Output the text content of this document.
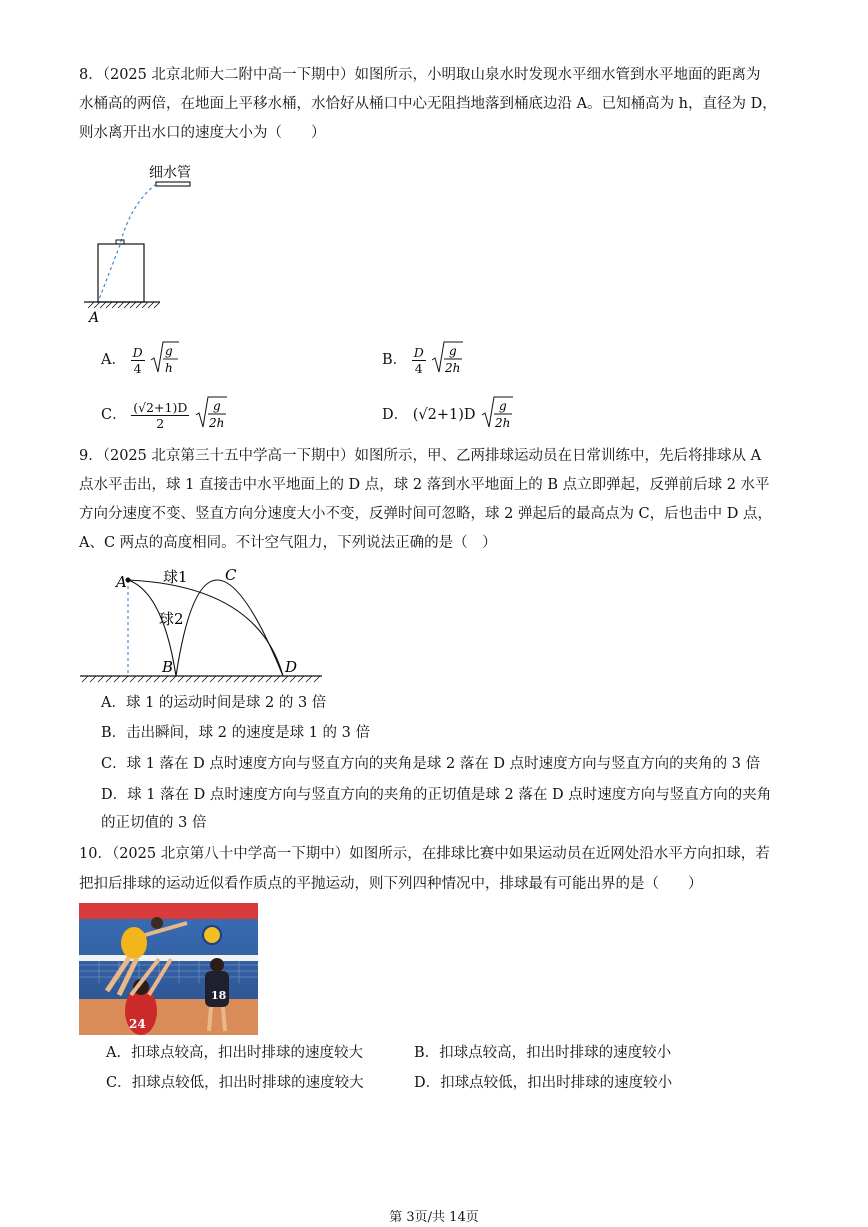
8．（2025 北京北师大二附中高一下期中）如图所示，小明取山泉水时发现水平细水管到水平地面的距离为

水桶高的两倍，在地面上平移水桶，水恰好从桶口中心无阻挡地落到桶底边沿 A。已知桶高为 h，直径为 D，

则水离开出水口的速度大小为（　　）

细水管
A
A． $\frac{D}{4}$
g
h	B． $\frac{D}{4}$
g
2h
C． $\frac{(√2+1)D}{2}$
g
2h	D． (√2+1)D
g
2h

9．（2025 北京第三十五中学高一下期中）如图所示，甲、乙两排球运动员在日常训练中，先后将排球从 A

点水平击出，球 1 直接击中水平地面上的 D 点，球 2 落到水平地面上的 B 点立即弹起，反弹前后球 2 水平

方向分速度不变、竖直方向分速度大小不变，反弹时间可忽略，球 2 弹起后的最高点为 C，后也击中 D 点，

A、C 两点的高度相同。不计空气阻力，下列说法正确的是（　）

A	C
B	D
球1
球2

A．球 1 的运动时间是球 2 的 3 倍

B．击出瞬间，球 2 的速度是球 1 的 3 倍

C．球 1 落在 D 点时速度方向与竖直方向的夹角是球 2 落在 D 点时速度方向与竖直方向的夹角的 3 倍

D．球 1 落在 D 点时速度方向与竖直方向的夹角的正切值是球 2 落在 D 点时速度方向与竖直方向的夹角

的正切值的 3 倍

10．（2025 北京第八十中学高一下期中）如图所示，在排球比赛中如果运动员在近网处沿水平方向扣球，若

把扣后排球的运动近似看作质点的平抛运动，则下列四种情况中，排球最有可能出界的是（　　）

24
18

A．扣球点较高，扣出时排球的速度较大	B．扣球点较高，扣出时排球的速度较小

C．扣球点较低，扣出时排球的速度较大	D．扣球点较低，扣出时排球的速度较小

第 3页/共 14页
